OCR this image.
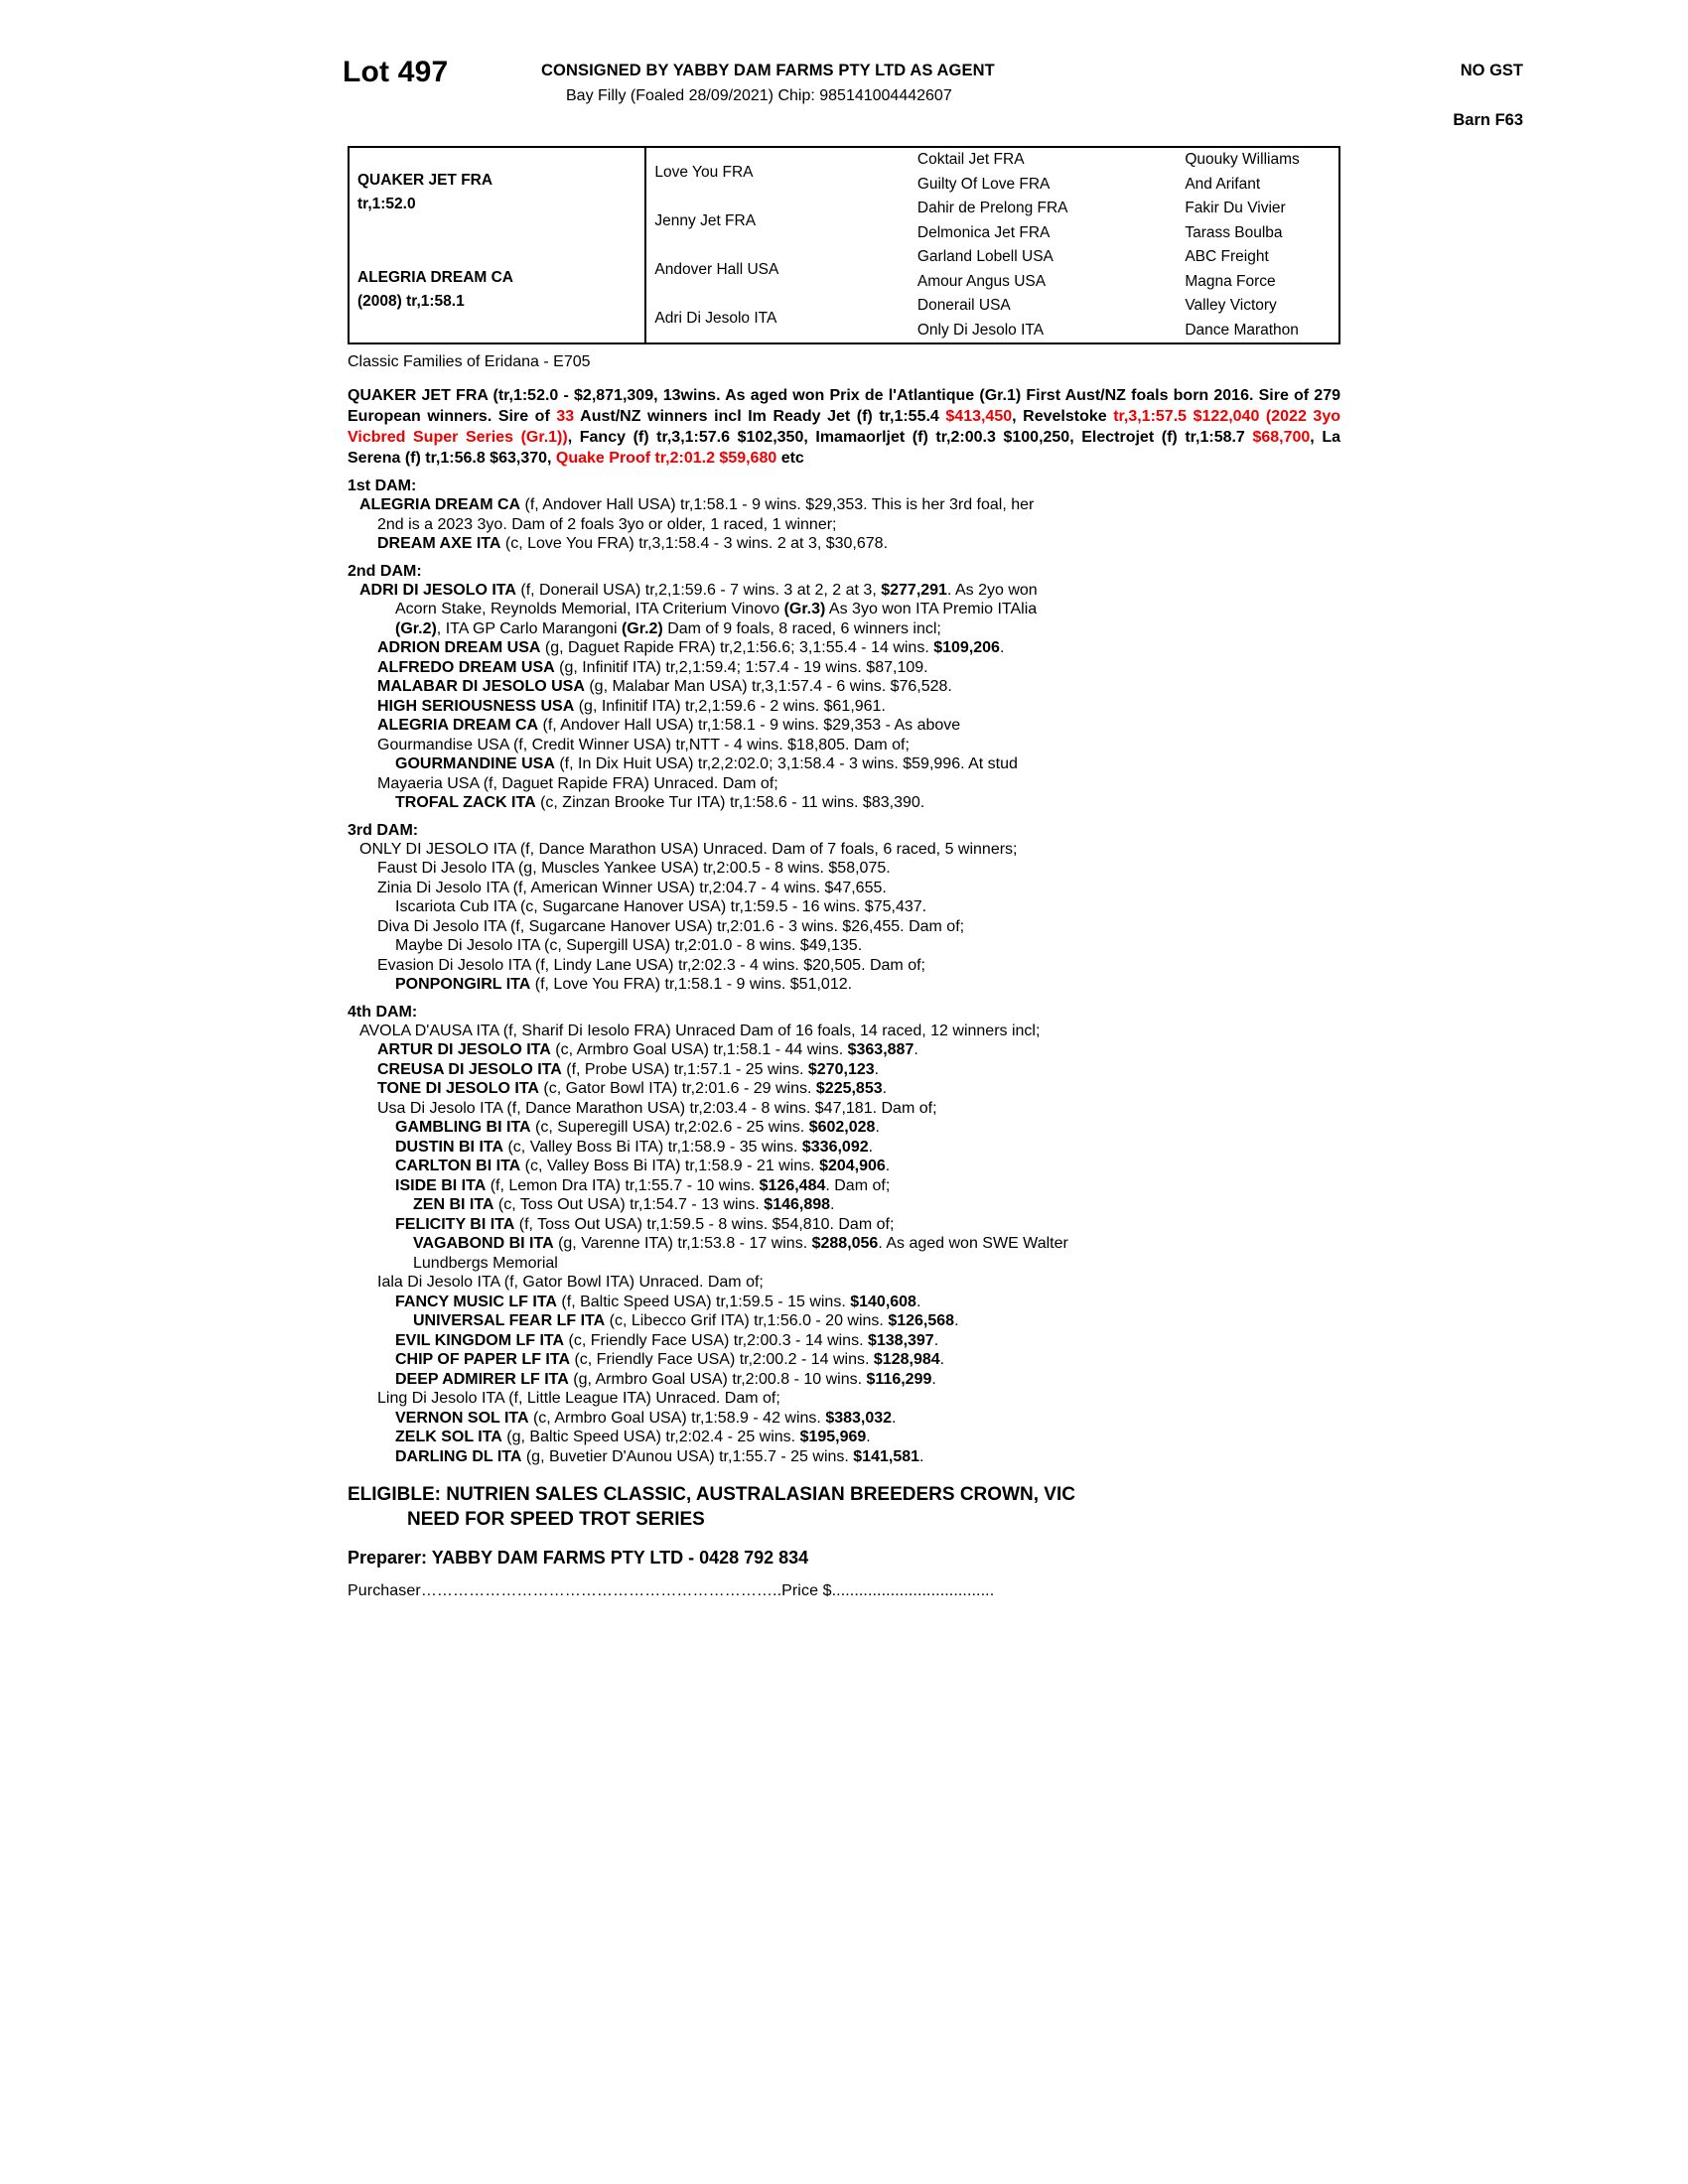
Lot 497	CONSIGNED BY YABBY DAM FARMS PTY LTD AS AGENT	NO GST
Bay Filly (Foaled 28/09/2021) Chip: 985141004442607
Barn F63
QUAKER JET FRA
tr,1:52.0
ALEGRIA DREAM CA
(2008) tr,1:58.1
Love You FRA
Jenny Jet FRA
Andover Hall USA
Adri Di Jesolo ITA
Coktail Jet FRA
Guilty Of Love FRA
Dahir de Prelong FRA
Delmonica Jet FRA
Garland Lobell USA
Amour Angus USA
Donerail USA
Only Di Jesolo ITA
Quouky Williams
And Arifant
Fakir Du Vivier
Tarass Boulba
ABC Freight
Magna Force
Valley Victory
Dance Marathon
Classic Families of Eridana - E705
QUAKER JET FRA (tr,1:52.0 - $2,871,309, 13wins. As aged won Prix de l'Atlantique (Gr.1) First Aust/NZ foals born 2016. Sire of 279 European winners. Sire of 33 Aust/NZ winners incl Im Ready Jet (f) tr,1:55.4 $413,450, Revelstoke tr,3,1:57.5 $122,040 (2022 3yo Vicbred Super Series (Gr.1)), Fancy (f) tr,3,1:57.6 $102,350, Imamaorljet (f) tr,2:00.3 $100,250, Electrojet (f) tr,1:58.7 $68,700, La Serena (f) tr,1:56.8 $63,370, Quake Proof tr,2:01.2 $59,680 etc
1st DAM:
ALEGRIA DREAM CA (f, Andover Hall USA) tr,1:58.1 - 9 wins. $29,353. This is her 3rd foal, her
2nd is a 2023 3yo. Dam of 2 foals 3yo or older, 1 raced, 1 winner;
DREAM AXE ITA (c, Love You FRA) tr,3,1:58.4 - 3 wins. 2 at 3, $30,678.
2nd DAM:
ADRI DI JESOLO ITA (f, Donerail USA) tr,2,1:59.6 - 7 wins. 3 at 2, 2 at 3, $277,291. As 2yo won
Acorn Stake, Reynolds Memorial, ITA Criterium Vinovo (Gr.3) As 3yo won ITA Premio ITAlia
(Gr.2), ITA GP Carlo Marangoni (Gr.2) Dam of 9 foals, 8 raced, 6 winners incl;
ADRION DREAM USA (g, Daguet Rapide FRA) tr,2,1:56.6; 3,1:55.4 - 14 wins. $109,206.
ALFREDO DREAM USA (g, Infinitif ITA) tr,2,1:59.4; 1:57.4 - 19 wins. $87,109.
MALABAR DI JESOLO USA (g, Malabar Man USA) tr,3,1:57.4 - 6 wins. $76,528.
HIGH SERIOUSNESS USA (g, Infinitif ITA) tr,2,1:59.6 - 2 wins. $61,961.
ALEGRIA DREAM CA (f, Andover Hall USA) tr,1:58.1 - 9 wins. $29,353 - As above
Gourmandise USA (f, Credit Winner USA) tr,NTT - 4 wins. $18,805. Dam of;
GOURMANDINE USA (f, In Dix Huit USA) tr,2,2:02.0; 3,1:58.4 - 3 wins. $59,996. At stud
Mayaeria USA (f, Daguet Rapide FRA) Unraced. Dam of;
TROFAL ZACK ITA (c, Zinzan Brooke Tur ITA) tr,1:58.6 - 11 wins. $83,390.
3rd DAM:
ONLY DI JESOLO ITA (f, Dance Marathon USA) Unraced. Dam of 7 foals, 6 raced, 5 winners;
Faust Di Jesolo ITA (g, Muscles Yankee USA) tr,2:00.5 - 8 wins. $58,075.
Zinia Di Jesolo ITA (f, American Winner USA) tr,2:04.7 - 4 wins. $47,655.
Iscariota Cub ITA (c, Sugarcane Hanover USA) tr,1:59.5 - 16 wins. $75,437.
Diva Di Jesolo ITA (f, Sugarcane Hanover USA) tr,2:01.6 - 3 wins. $26,455. Dam of;
Maybe Di Jesolo ITA (c, Supergill USA) tr,2:01.0 - 8 wins. $49,135.
Evasion Di Jesolo ITA (f, Lindy Lane USA) tr,2:02.3 - 4 wins. $20,505. Dam of;
PONPONGIRL ITA (f, Love You FRA) tr,1:58.1 - 9 wins. $51,012.
4th DAM:
AVOLA D'AUSA ITA (f, Sharif Di Iesolo FRA) Unraced Dam of 16 foals, 14 raced, 12 winners incl;
ARTUR DI JESOLO ITA (c, Armbro Goal USA) tr,1:58.1 - 44 wins. $363,887.
CREUSA DI JESOLO ITA (f, Probe USA) tr,1:57.1 - 25 wins. $270,123.
TONE DI JESOLO ITA (c, Gator Bowl ITA) tr,2:01.6 - 29 wins. $225,853.
Usa Di Jesolo ITA (f, Dance Marathon USA) tr,2:03.4 - 8 wins. $47,181. Dam of;
GAMBLING BI ITA (c, Superegill USA) tr,2:02.6 - 25 wins. $602,028.
DUSTIN BI ITA (c, Valley Boss Bi ITA) tr,1:58.9 - 35 wins. $336,092.
CARLTON BI ITA (c, Valley Boss Bi ITA) tr,1:58.9 - 21 wins. $204,906.
ISIDE BI ITA (f, Lemon Dra ITA) tr,1:55.7 - 10 wins. $126,484. Dam of;
ZEN BI ITA (c, Toss Out USA) tr,1:54.7 - 13 wins. $146,898.
FELICITY BI ITA (f, Toss Out USA) tr,1:59.5 - 8 wins. $54,810. Dam of;
VAGABOND BI ITA (g, Varenne ITA) tr,1:53.8 - 17 wins. $288,056. As aged won SWE Walter
Lundbergs Memorial
Iala Di Jesolo ITA (f, Gator Bowl ITA) Unraced. Dam of;
FANCY MUSIC LF ITA (f, Baltic Speed USA) tr,1:59.5 - 15 wins. $140,608.
UNIVERSAL FEAR LF ITA (c, Libecco Grif ITA) tr,1:56.0 - 20 wins. $126,568.
EVIL KINGDOM LF ITA (c, Friendly Face USA) tr,2:00.3 - 14 wins. $138,397.
CHIP OF PAPER LF ITA (c, Friendly Face USA) tr,2:00.2 - 14 wins. $128,984.
DEEP ADMIRER LF ITA (g, Armbro Goal USA) tr,2:00.8 - 10 wins. $116,299.
Ling Di Jesolo ITA (f, Little League ITA) Unraced. Dam of;
VERNON SOL ITA (c, Armbro Goal USA) tr,1:58.9 - 42 wins. $383,032.
ZELK SOL ITA (g, Baltic Speed USA) tr,2:02.4 - 25 wins. $195,969.
DARLING DL ITA (g, Buvetier D'Aunou USA) tr,1:55.7 - 25 wins. $141,581.
ELIGIBLE: NUTRIEN SALES CLASSIC, AUSTRALASIAN BREEDERS CROWN, VIC
NEED FOR SPEED TROT SERIES
Preparer: YABBY DAM FARMS PTY LTD - 0428 792 834
Purchaser…………………………………………………………..Price $....................................
